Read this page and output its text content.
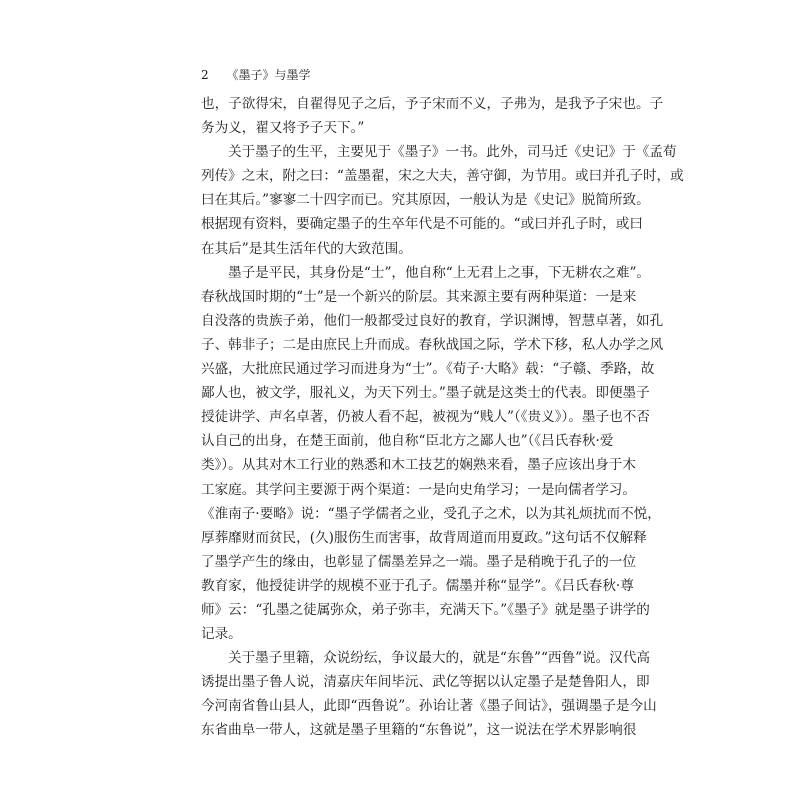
2 《墨子》与墨学
也，子欲得宋，自翟得见子之后，予子宋而不义，子弗为，是我予子宋也。子
务为义，翟又将予子天下。”
关于墨子的生平，主要见于《墨子》一书。此外，司马迁《史记》于《孟荀
列传》之末，附之曰：“盖墨翟，宋之大夫，善守御，为节用。或曰并孔子时，或
曰在其后。”寥寥二十四字而已。究其原因，一般认为是《史记》脱简所致。
根据现有资料，要确定墨子的生卒年代是不可能的。“或曰并孔子时，或曰
在其后”是其生活年代的大致范围。
墨子是平民，其身份是“士”，他自称“上无君上之事，下无耕农之难”。
春秋战国时期的“士”是一个新兴的阶层。其来源主要有两种渠道：一是来
自没落的贵族子弟，他们一般都受过良好的教育，学识渊博，智慧卓著，如孔
子、韩非子；二是由庶民上升而成。春秋战国之际，学术下移，私人办学之风
兴盛，大批庶民通过学习而进身为“士”。《荀子·大略》载：“子赣、季路，故
鄙人也，被文学，服礼义，为天下列士。”墨子就是这类士的代表。即便墨子
授徒讲学、声名卓著，仍被人看不起，被视为“贱人”（《贵义》）。墨子也不否
认自己的出身，在楚王面前，他自称“臣北方之鄙人也”（《吕氏春秋·爱
类》）。从其对木工行业的熟悉和木工技艺的娴熟来看，墨子应该出身于木
工家庭。其学问主要源于两个渠道：一是向史角学习；一是向儒者学习。
《淮南子·要略》说：“墨子学儒者之业，受孔子之术，以为其礼烦扰而不悦，
厚葬靡财而贫民，(久)服伤生而害事，故背周道而用夏政。”这句话不仅解释
了墨学产生的缘由，也彰显了儒墨差异之一端。墨子是稍晚于孔子的一位
教育家，他授徒讲学的规模不亚于孔子。儒墨并称“显学”。《吕氏春秋·尊
师》云：“孔墨之徒属弥众，弟子弥丰，充满天下。”《墨子》就是墨子讲学的
记录。
关于墨子里籍，众说纷纭，争议最大的，就是“东鲁”“西鲁”说。汉代高
诱提出墨子鲁人说，清嘉庆年间毕沅、武亿等据以认定墨子是楚鲁阳人，即
今河南省鲁山县人，此即“西鲁说”。孙诒让著《墨子间诂》，强调墨子是今山
东省曲阜一带人，这就是墨子里籍的“东鲁说”，这一说法在学术界影响很
